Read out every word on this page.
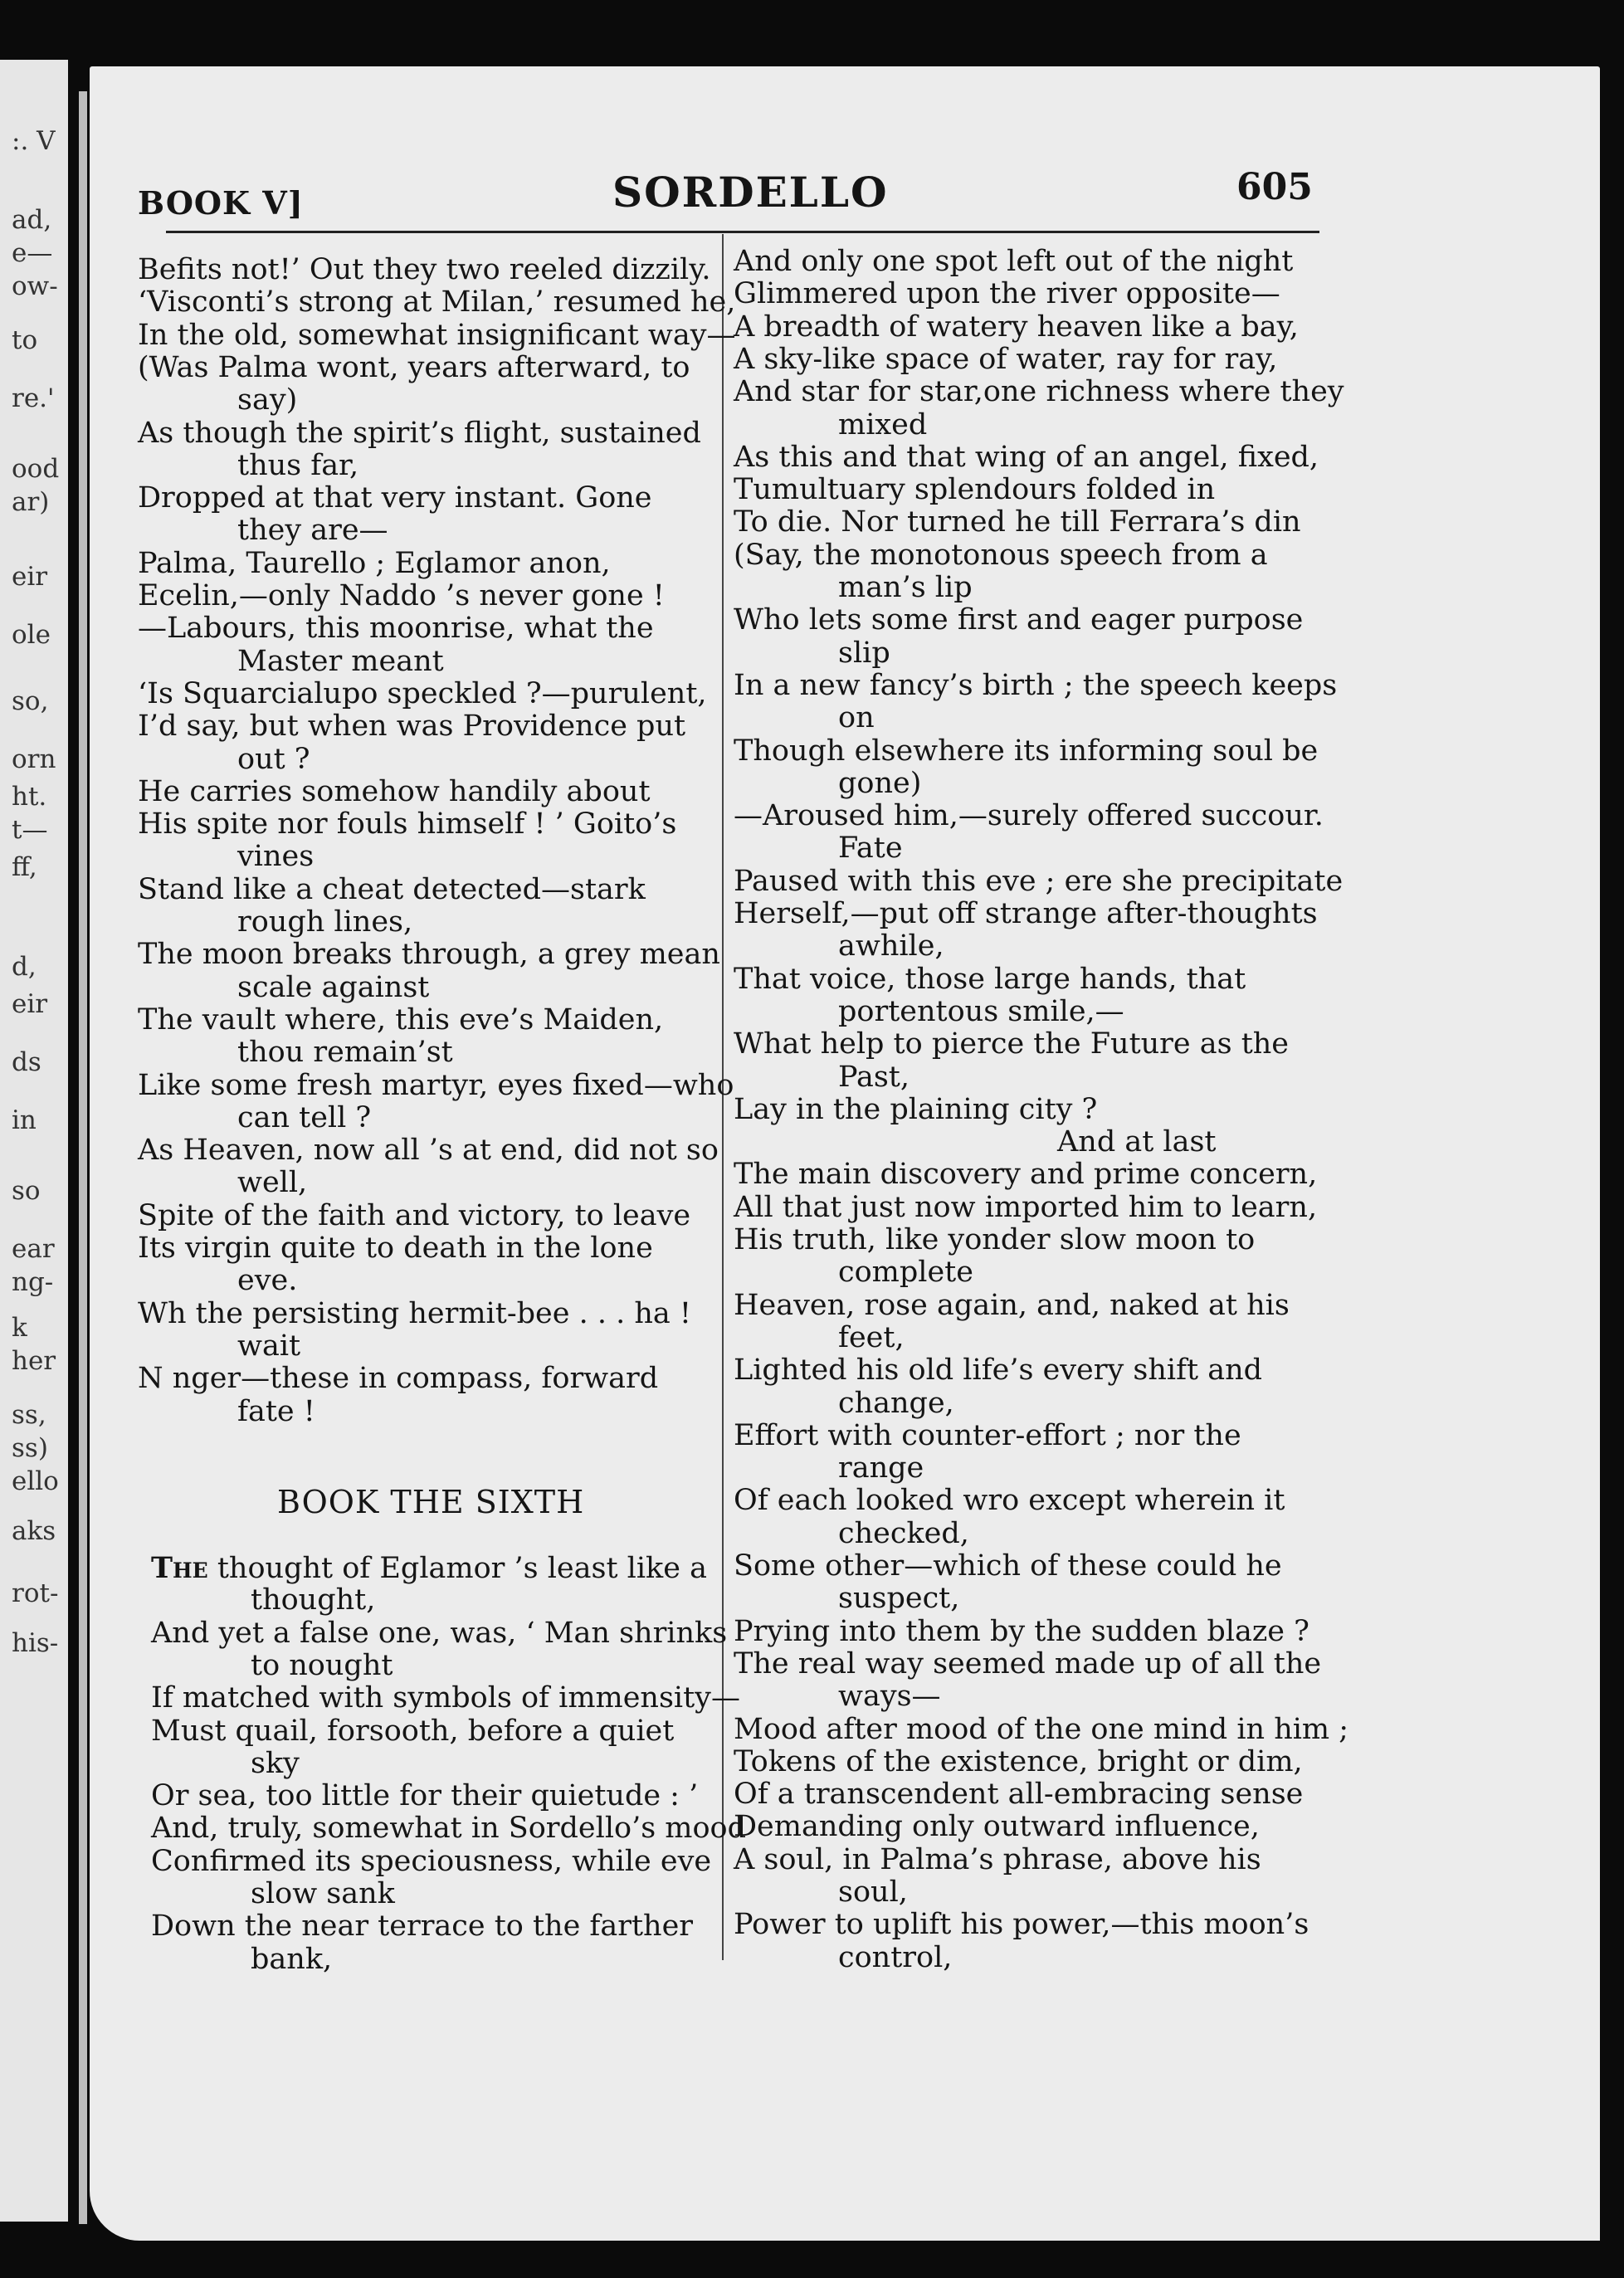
:. V
ad,
e—
ow-
to
re.'
ood
ar)
eir
ole
so,
orn
ht.
t—
ff,
d,
eir
ds
in
so
ear
ng-
k
her
ss,
ss)
ello
aks
rot-
his-
BOOK V]	SORDELLO	605
Befits not!’ Out they two reeled dizzily.
‘Visconti’s strong at Milan,’ resumed he,
In the old, somewhat insignificant way—
(Was Palma wont, years afterward, to
say)
As though the spirit’s flight, sustained
thus far,
Dropped at that very instant. Gone
they are—
Palma, Taurello ; Eglamor anon,
Ecelin,—only Naddo ’s never gone !
—Labours, this moonrise, what the
Master meant
‘Is Squarcialupo speckled ?—purulent,
I’d say, but when was Providence put
out ?
He carries somehow handily about
His spite nor fouls himself ! ’ Goito’s
vines
Stand like a cheat detected—stark
rough lines,
The moon breaks through, a grey mean
scale against
The vault where, this eve’s Maiden,
thou remain’st
Like some fresh martyr, eyes fixed—who
can tell ?
As Heaven, now all ’s at end, did not so
well,
Spite of the faith and victory, to leave
Its virgin quite to death in the lone
eve.
Wh the persisting hermit-bee . . . ha !
wait
N nger—these in compass, forward
fate !
BOOK THE SIXTH
The thought of Eglamor ’s least like a
thought,
And yet a false one, was, ‘ Man shrinks
to nought
If matched with symbols of immensity—
Must quail, forsooth, before a quiet
sky
Or sea, too little for their quietude : ’
And, truly, somewhat in Sordello’s mood
Confirmed its speciousness, while eve
slow sank
Down the near terrace to the farther
bank,
And only one spot left out of the night
Glimmered upon the river opposite—
A breadth of watery heaven like a bay,
A sky-like space of water, ray for ray,
And star for star,one richness where they
mixed
As this and that wing of an angel, fixed,
Tumultuary splendours folded in
To die. Nor turned he till Ferrara’s din
(Say, the monotonous speech from a
man’s lip
Who lets some first and eager purpose
slip
In a new fancy’s birth ; the speech keeps
on
Though elsewhere its informing soul be
gone)
—Aroused him,—surely offered succour.
Fate
Paused with this eve ; ere she precipitate
Herself,—put off strange after-thoughts
awhile,
That voice, those large hands, that
portentous smile,—
What help to pierce the Future as the
Past,
Lay in the plaining city ?
And at last
The main discovery and prime concern,
All that just now imported him to learn,
His truth, like yonder slow moon to
complete
Heaven, rose again, and, naked at his
feet,
Lighted his old life’s every shift and
change,
Effort with counter-effort ; nor the
range
Of each looked wro except wherein it
checked,
Some other—which of these could he
suspect,
Prying into them by the sudden blaze ?
The real way seemed made up of all the
ways—
Mood after mood of the one mind in him ;
Tokens of the existence, bright or dim,
Of a transcendent all-embracing sense
Demanding only outward influence,
A soul, in Palma’s phrase, above his
soul,
Power to uplift his power,—this moon’s
control,
